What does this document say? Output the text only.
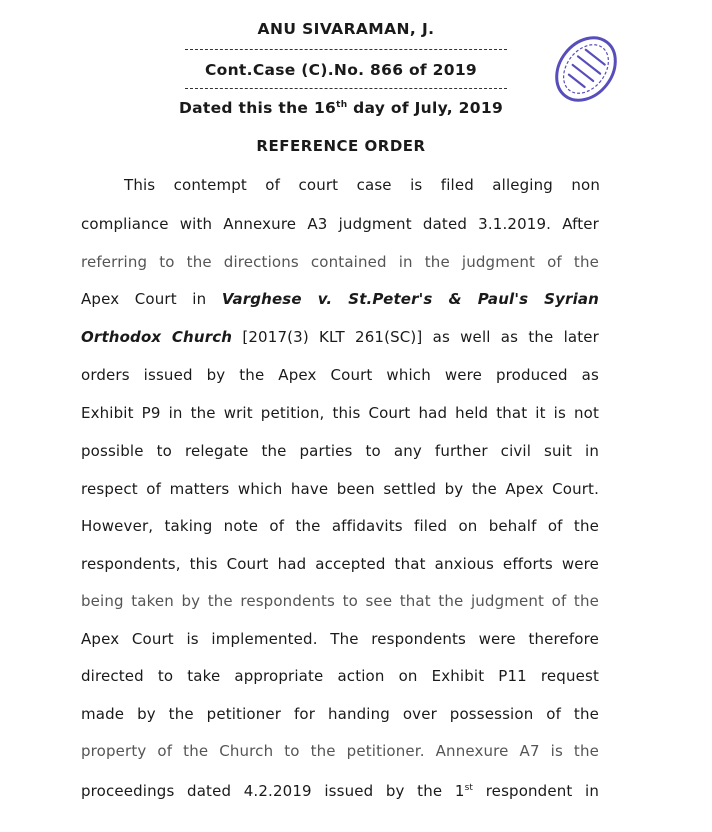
ANU SIVARAMAN, J.
Cont.Case (C).No. 866 of 2019
Dated this the 16th day of July, 2019
REFERENCE ORDER
This contempt of court case is filed alleging non
compliance with Annexure A3 judgment dated 3.1.2019. After
referring to the directions contained in the judgment of the
Apex Court in Varghese v. St.Peter's & Paul's Syrian
Orthodox Church [2017(3) KLT 261(SC)] as well as the later
orders issued by the Apex Court which were produced as
Exhibit P9 in the writ petition, this Court had held that it is not
possible to relegate the parties to any further civil suit in
respect of matters which have been settled by the Apex Court.
However, taking note of the affidavits filed on behalf of the
respondents, this Court had accepted that anxious efforts were
being taken by the respondents to see that the judgment of the
Apex Court is implemented. The respondents were therefore
directed to take appropriate action on Exhibit P11 request
made by the petitioner for handing over possession of the
property of the Church to the petitioner. Annexure A7 is the
proceedings dated 4.2.2019 issued by the 1st respondent in
